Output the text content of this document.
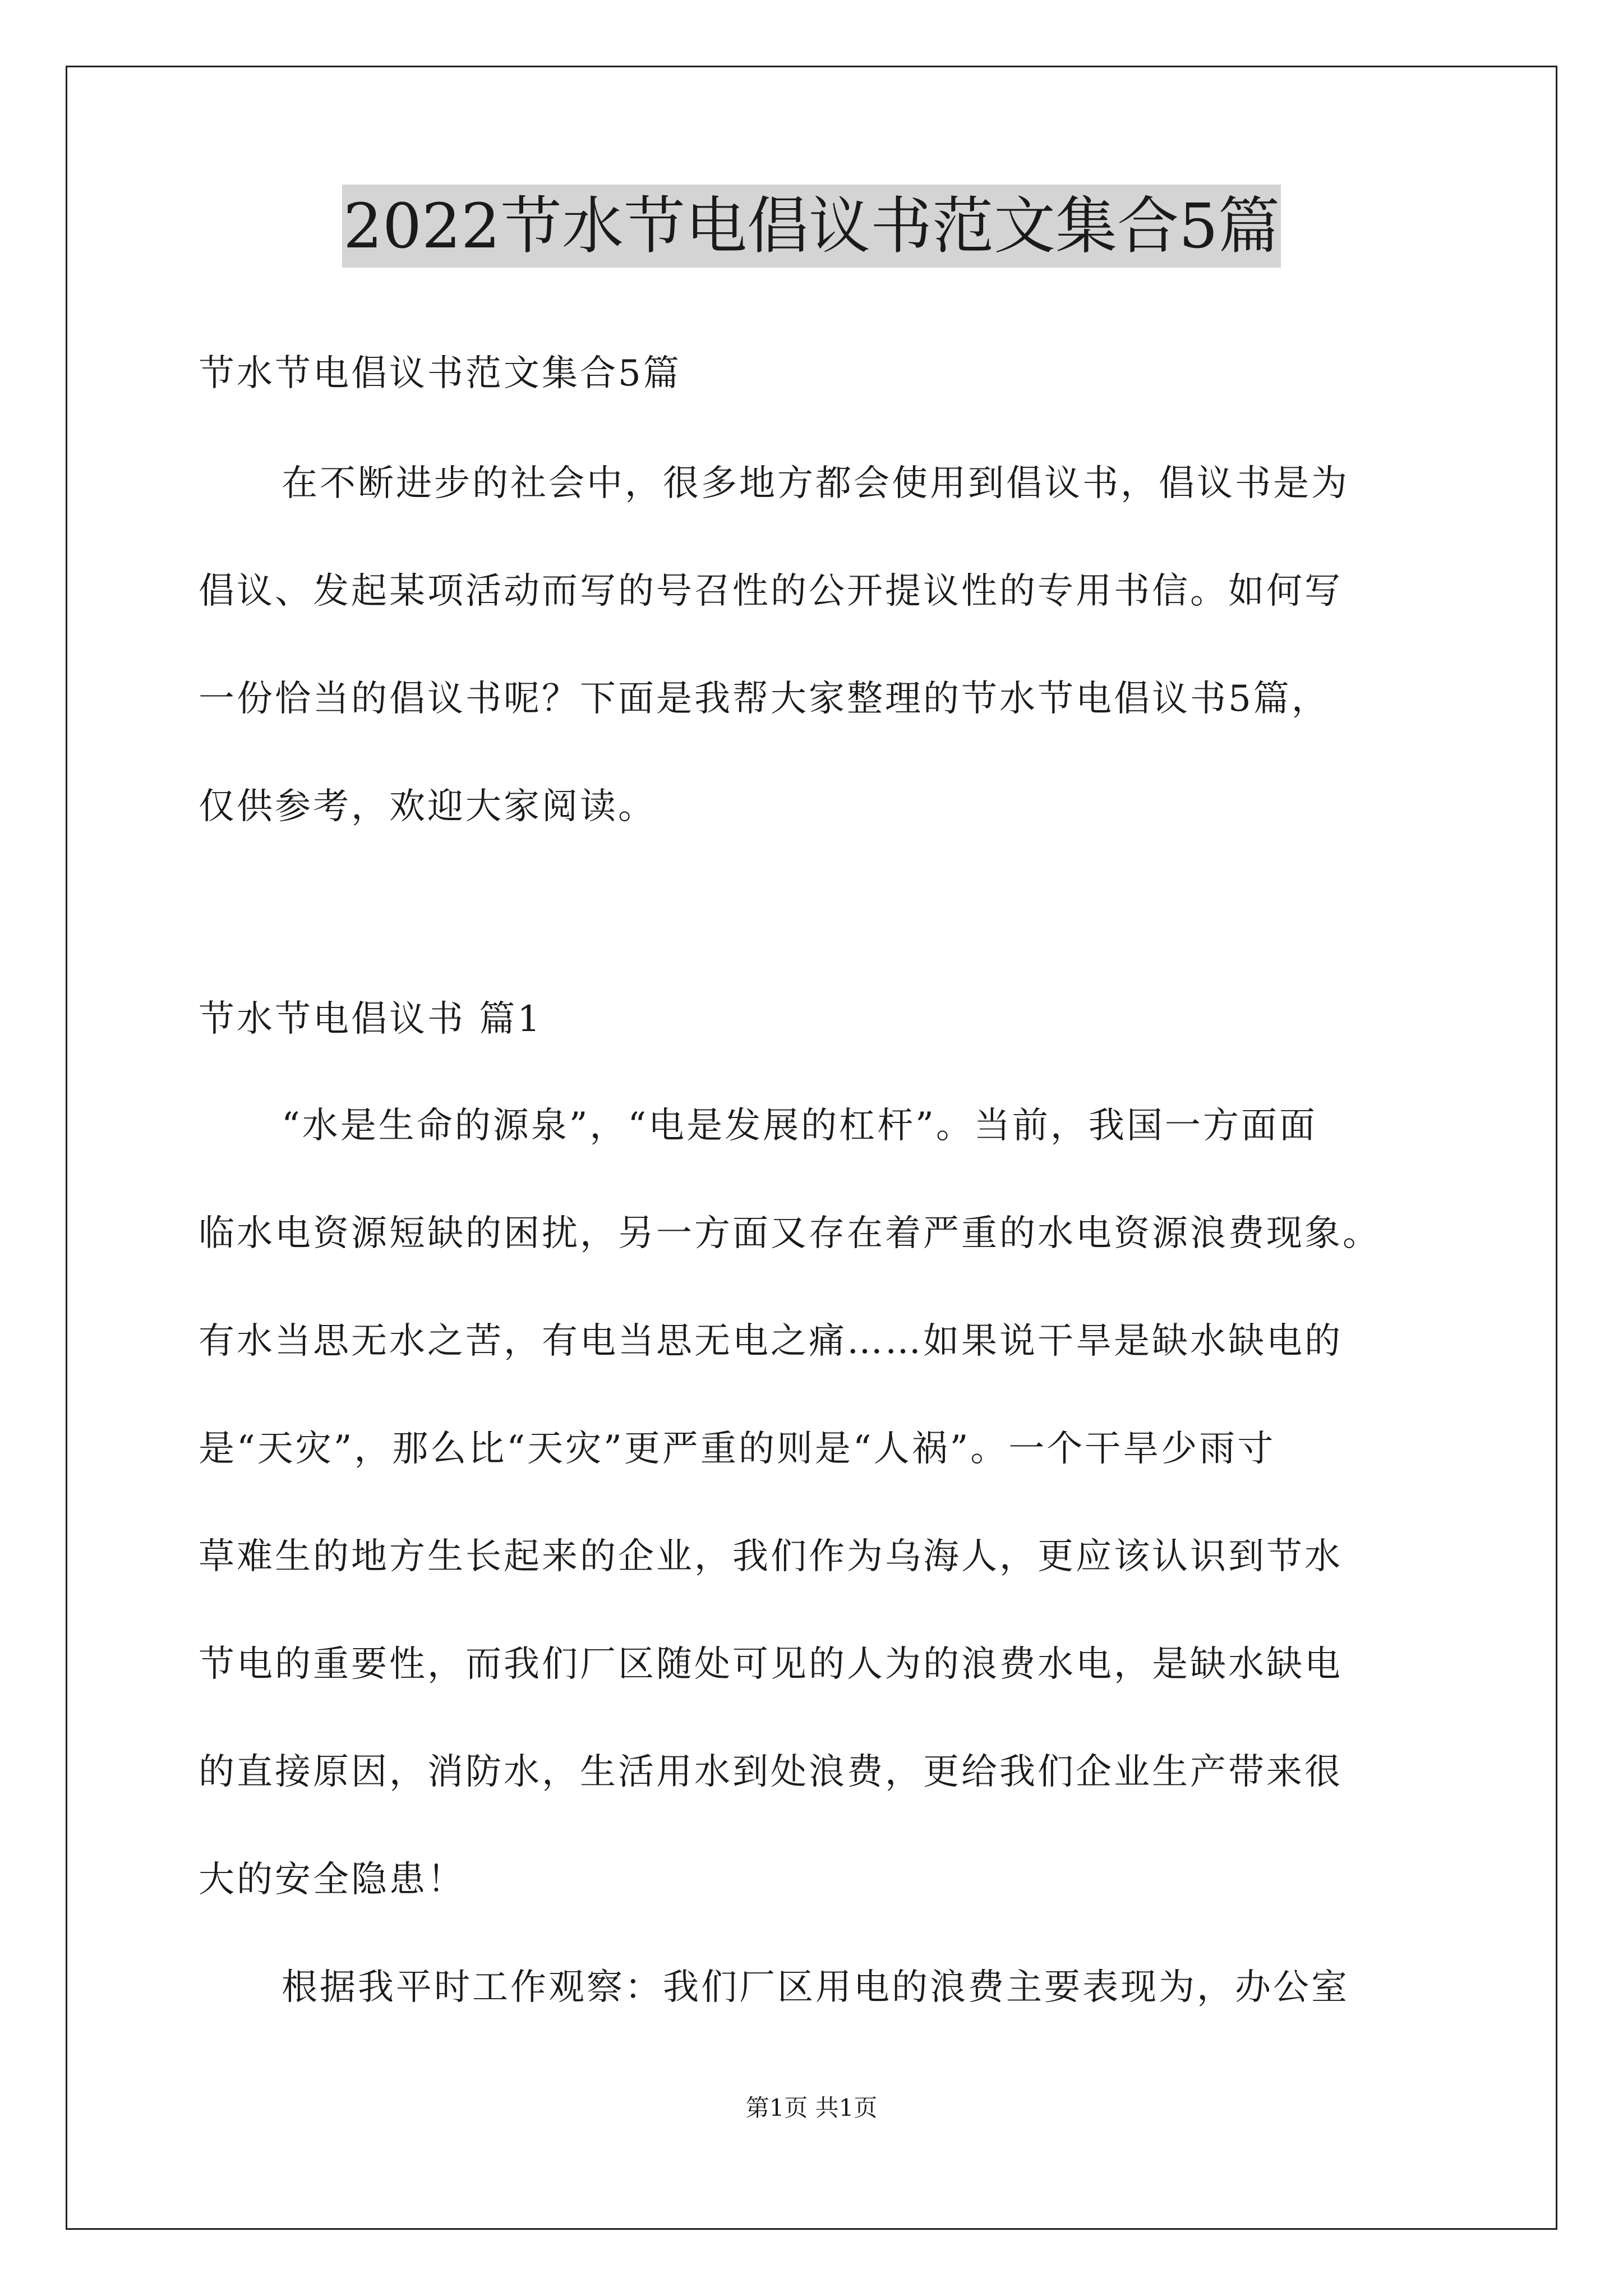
2022节水节电倡议书范文集合5篇
节水节电倡议书范文集合5篇
在不断进步的社会中，很多地方都会使用到倡议书，倡议书是为
倡议、发起某项活动而写的号召性的公开提议性的专用书信。如何写
一份恰当的倡议书呢？下面是我帮大家整理的节水节电倡议书5篇，
仅供参考，欢迎大家阅读。
节水节电倡议书 篇1
“水是生命的源泉”，“电是发展的杠杆”。当前，我国一方面面
临水电资源短缺的困扰，另一方面又存在着严重的水电资源浪费现象。
有水当思无水之苦，有电当思无电之痛……如果说干旱是缺水缺电的
是“天灾”，那么比“天灾”更严重的则是“人祸”。一个干旱少雨寸
草难生的地方生长起来的企业，我们作为乌海人，更应该认识到节水
节电的重要性，而我们厂区随处可见的人为的浪费水电，是缺水缺电
的直接原因，消防水，生活用水到处浪费，更给我们企业生产带来很
大的安全隐患！
根据我平时工作观察：我们厂区用电的浪费主要表现为，办公室
第1页 共1页
